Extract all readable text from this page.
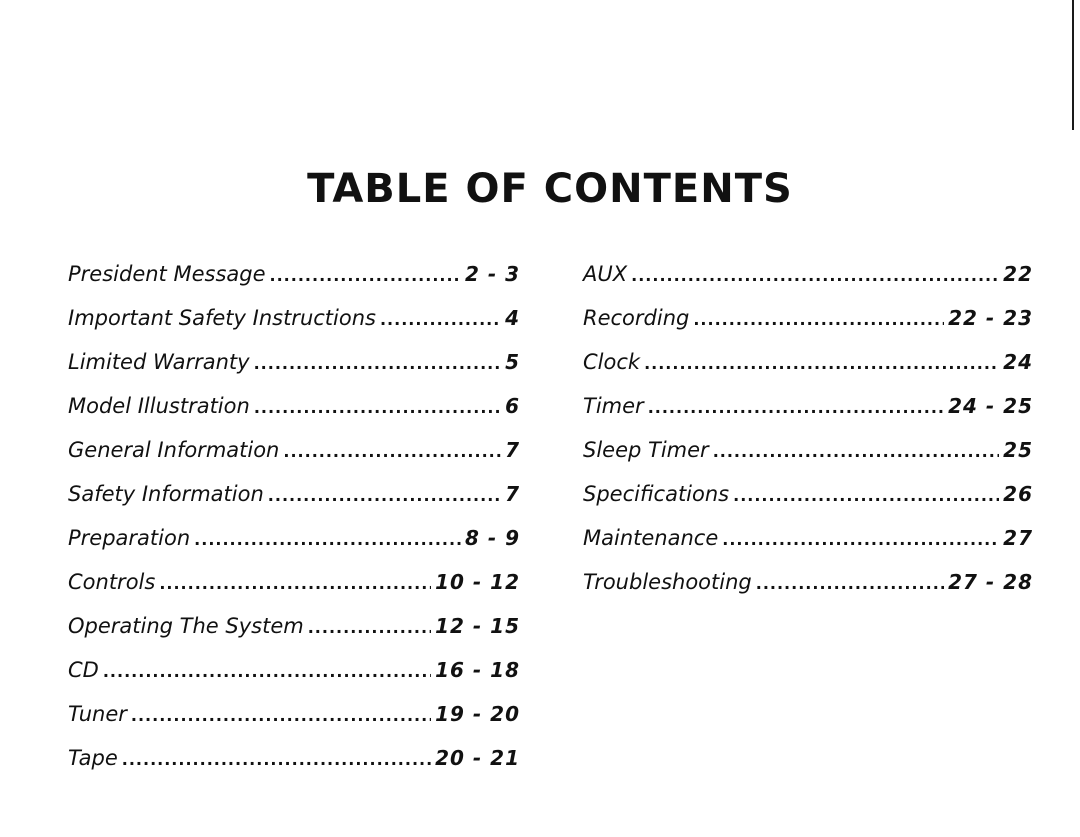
TABLE OF CONTENTS
President Message .....	2 - 3
Important Safety Instructions .....	4
Limited Warranty .....	5
Model Illustration .....	6
General Information .....	7
Safety Information .....	7
Preparation .....	8 - 9
Controls .....	10 - 12
Operating The System .....	12 - 15
CD .....	16 - 18
Tuner .....	19 - 20
Tape .....	20 - 21
AUX .....	22
Recording .....	22 - 23
Clock .....	24
Timer .....	24 - 25
Sleep Timer .....	25
Specifications .....	26
Maintenance .....	27
Troubleshooting .....	27 - 28
